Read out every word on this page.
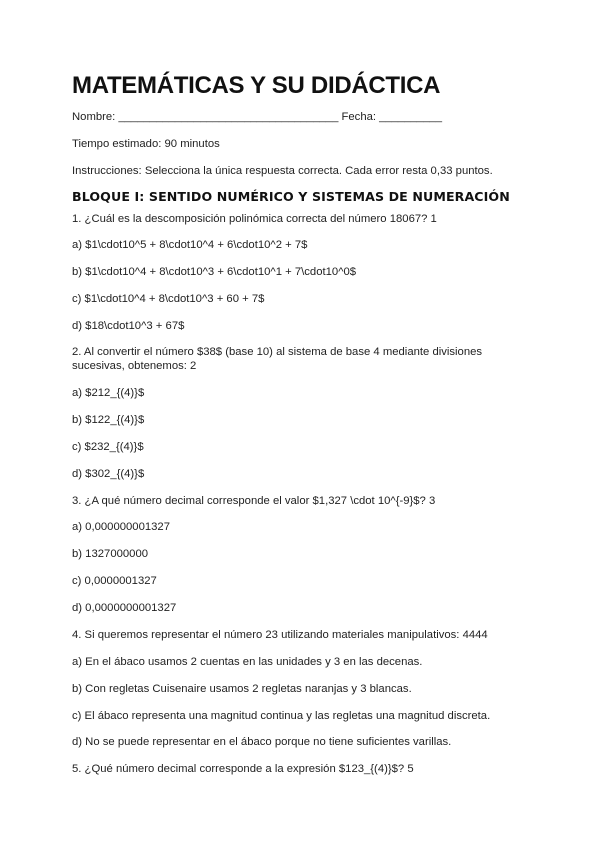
MATEMÁTICAS Y SU DIDÁCTICA
Nombre: ___________________________________ Fecha: __________
Tiempo estimado: 90 minutos
Instrucciones: Selecciona la única respuesta correcta. Cada error resta 0,33 puntos.
BLOQUE I: SENTIDO NUMÉRICO Y SISTEMAS DE NUMERACIÓN
1. ¿Cuál es la descomposición polinómica correcta del número 18067? 1
a) $1\cdot10^5 + 8\cdot10^4 + 6\cdot10^2 + 7$
b) $1\cdot10^4 + 8\cdot10^3 + 6\cdot10^1 + 7\cdot10^0$
c) $1\cdot10^4 + 8\cdot10^3 + 60 + 7$
d) $18\cdot10^3 + 67$
2. Al convertir el número $38$ (base 10) al sistema de base 4 mediante divisiones sucesivas, obtenemos: 2
a) $212_{(4)}$
b) $122_{(4)}$
c) $232_{(4)}$
d) $302_{(4)}$
3. ¿A qué número decimal corresponde el valor $1,327 \cdot 10^{-9}$? 3
a) 0,000000001327
b) 1327000000
c) 0,0000001327
d) 0,0000000001327
4. Si queremos representar el número 23 utilizando materiales manipulativos: 4444
a) En el ábaco usamos 2 cuentas en las unidades y 3 en las decenas.
b) Con regletas Cuisenaire usamos 2 regletas naranjas y 3 blancas.
c) El ábaco representa una magnitud continua y las regletas una magnitud discreta.
d) No se puede representar en el ábaco porque no tiene suficientes varillas.
5. ¿Qué número decimal corresponde a la expresión $123_{(4)}$? 5
